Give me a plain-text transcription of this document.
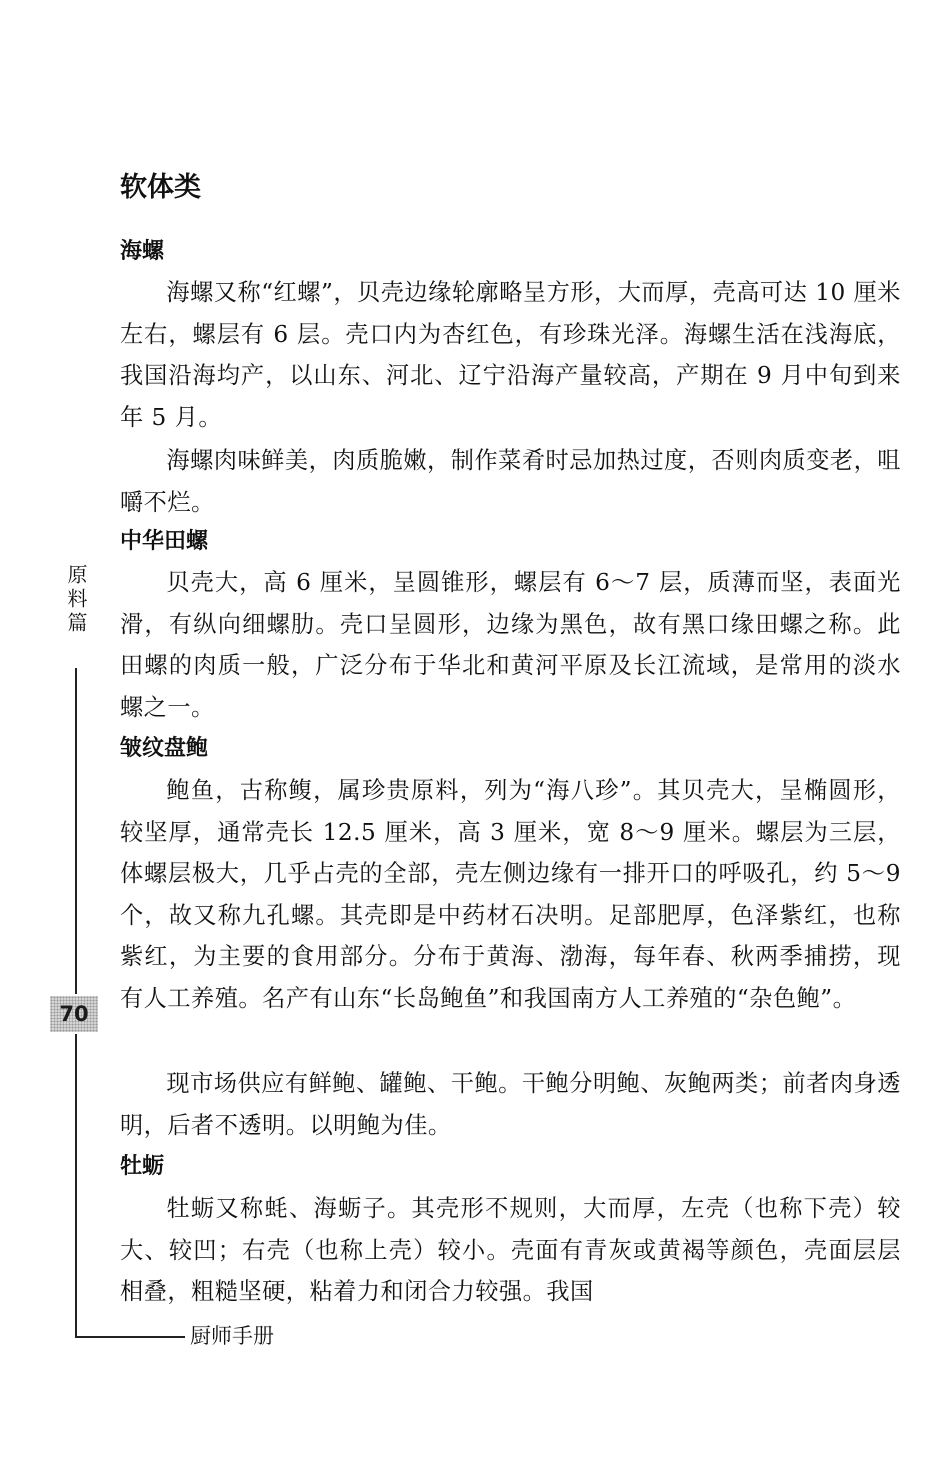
软体类
海螺

海螺又称“红螺”，贝壳边缘轮廓略呈方形，大而厚，壳高可达 10 厘米左右，螺层有 6 层。壳口内为杏红色，有珍珠光泽。海螺生活在浅海底，我国沿海均产，以山东、河北、辽宁沿海产量较高，产期在 9 月中旬到来年 5 月。

海螺肉味鲜美，肉质脆嫩，制作菜肴时忌加热过度，否则肉质变老，咀嚼不烂。

中华田螺

贝壳大，高 6 厘米，呈圆锥形，螺层有 6～7 层，质薄而坚，表面光滑，有纵向细螺肋。壳口呈圆形，边缘为黑色，故有黑口缘田螺之称。此田螺的肉质一般，广泛分布于华北和黄河平原及长江流域，是常用的淡水螺之一。

皱纹盘鲍

鲍鱼，古称鳆，属珍贵原料，列为“海八珍”。其贝壳大，呈椭圆形，较坚厚，通常壳长 12.5 厘米，高 3 厘米，宽 8～9 厘米。螺层为三层，体螺层极大，几乎占壳的全部，壳左侧边缘有一排开口的呼吸孔，约 5～9 个，故又称九孔螺。其壳即是中药材石决明。足部肥厚，色泽紫红，也称紫红，为主要的食用部分。分布于黄海、渤海，每年春、秋两季捕捞，现有人工养殖。名产有山东“长岛鲍鱼”和我国南方人工养殖的“杂色鲍”。

现市场供应有鲜鲍、罐鲍、干鲍。干鲍分明鲍、灰鲍两类；前者肉身透明，后者不透明。以明鲍为佳。

牡蛎

牡蛎又称蚝、海蛎子。其壳形不规则，大而厚，左壳（也称下壳）较大、较凹；右壳（也称上壳）较小。壳面有青灰或黄褐等颜色，壳面层层相叠，粗糙坚硬，粘着力和闭合力较强。我国

原料篇
70
厨师手册
